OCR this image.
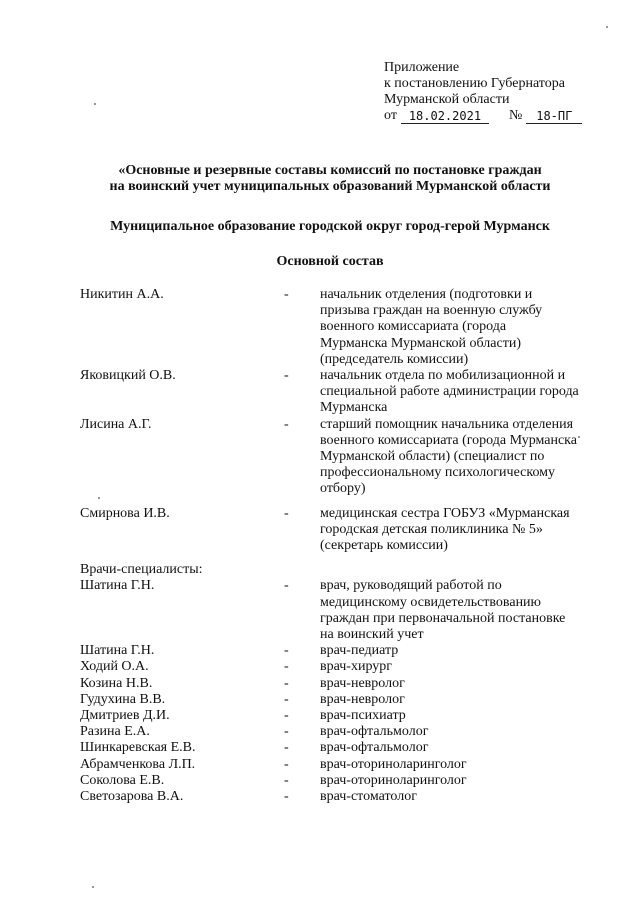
Приложение
к постановлению Губернатора
Мурманской области
от 18.02.2021	№	18-ПГ
«Основные и резервные составы комиссий по постановке граждан
на воинский учет муниципальных образований Мурманской области
Муниципальное образование городской округ город-герой Мурманск
Основной состав
Никитин А.А.	-	начальник отделения (подготовки и
призыва граждан на военную службу
военного комиссариата (города
Мурманска Мурманской области)
(председатель комиссии)
Яковицкий О.В.	-	начальник отдела по мобилизационной и
специальной работе администрации города
Мурманска
Лисина А.Г.	-	старший помощник начальника отделения
военного комиссариата (города Мурманска
Мурманской области) (специалист по
профессиональному психологическому
отбору)
Смирнова И.В.	-	медицинская сестра ГОБУЗ «Мурманская
городская детская поликлиника № 5»
(секретарь комиссии)
Врачи-специалисты:
Шатина Г.Н.	-	врач, руководящий работой по
медицинскому освидетельствованию
граждан при первоначальной постановке
на воинский учет
Шатина Г.Н.	-	врач-педиатр
Ходий О.А.	-	врач-хирург
Козина Н.В.	-	врач-невролог
Гудухина В.В.	-	врач-невролог
Дмитриев Д.И.	-	врач-психиатр
Разина Е.А.	-	врач-офтальмолог
Шинкаревская Е.В.	-	врач-офтальмолог
Абрамченкова Л.П.	-	врач-оториноларинголог
Соколова Е.В.	-	врач-оториноларинголог
Светозарова В.А.	-	врач-стоматолог
